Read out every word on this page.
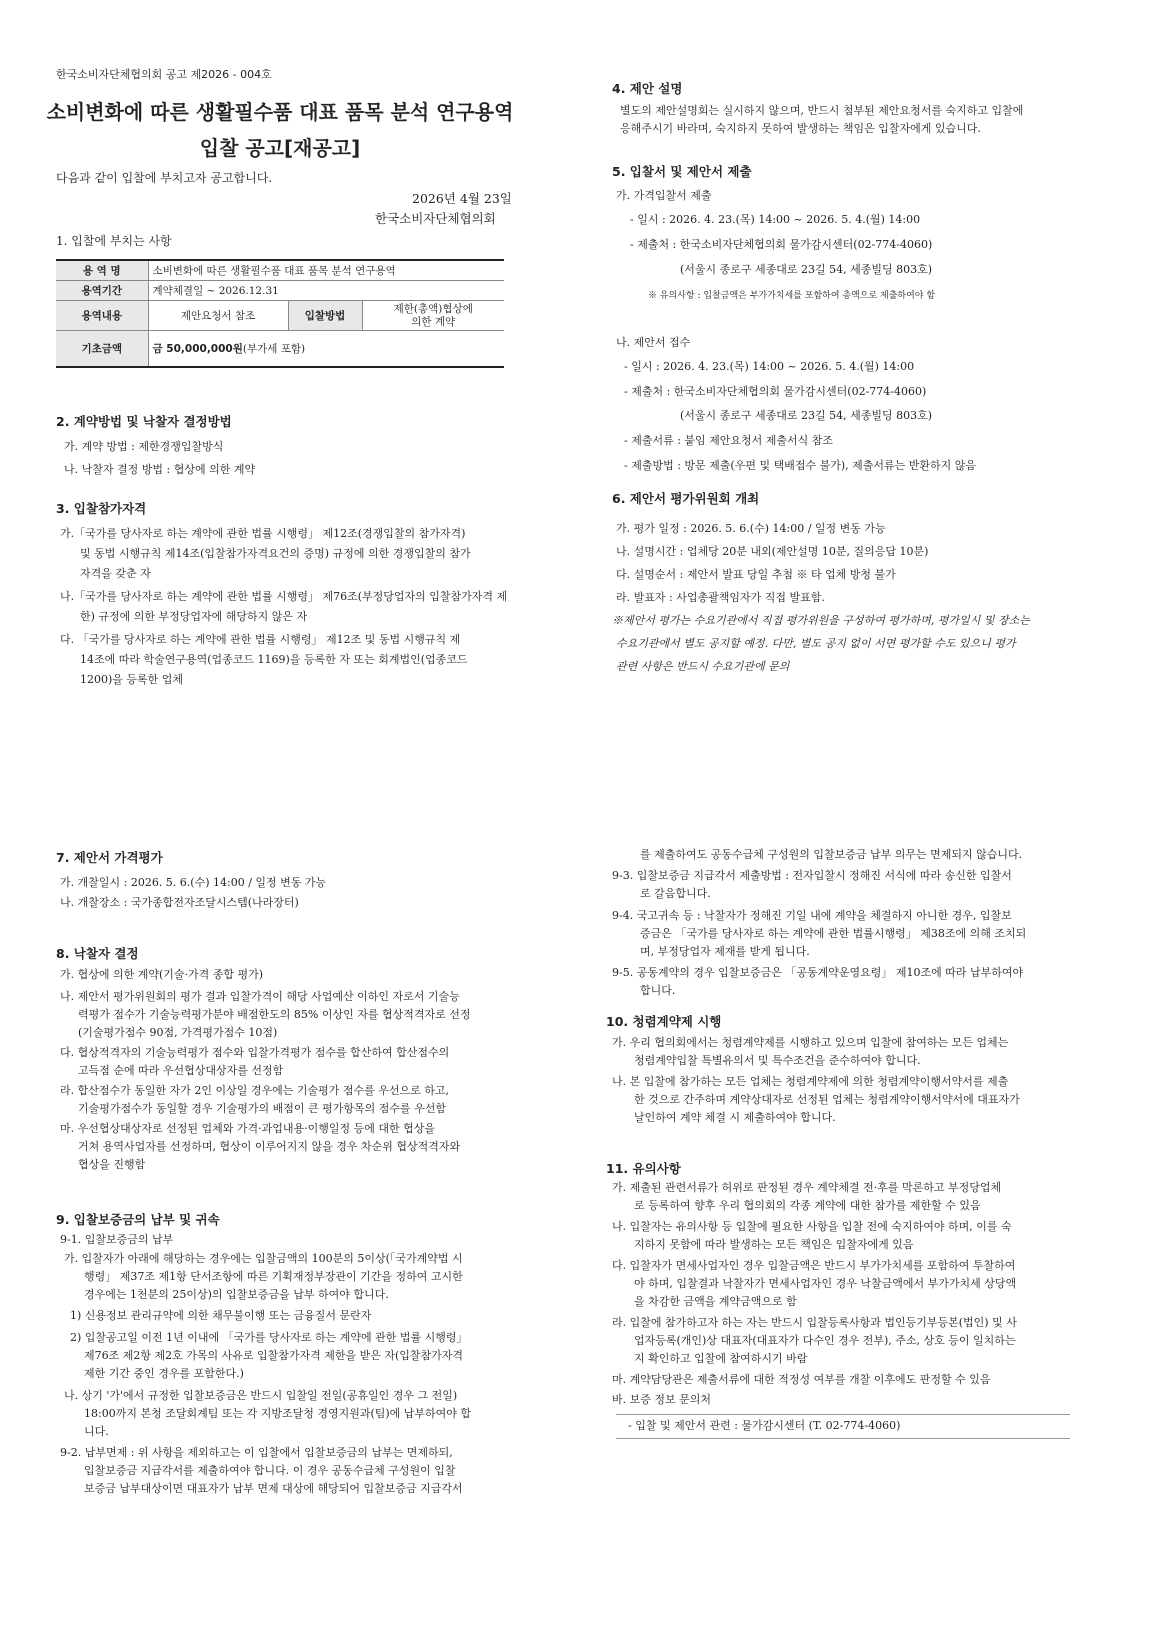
한국소비자단체협의회 공고 제2026 - 004호
소비변화에 따른 생활필수품 대표 품목 분석 연구용역
입찰 공고[재공고]
다음과 같이 입찰에 부치고자 공고합니다.
2026년 4월 23일
한국소비자단체협의회
1. 입찰에 부치는 사항
용 역 명	소비변화에 따른 생활필수품 대표 품목 분석 연구용역		
용역기간	계약체결일 ~ 2026.12.31		
용역내용	제안요청서 참조	입찰방법	제한(총액)협상에
의한 계약
기초금액	금 50,000,000원(부가세 포함)		
2. 계약방법 및 낙찰자 결정방법
가. 계약 방법 : 제한경쟁입찰방식
나. 낙찰자 결정 방법 : 협상에 의한 계약
3. 입찰참가자격
가.「국가를 당사자로 하는 계약에 관한 법률 시행령」 제12조(경쟁입찰의 참가자격)
및 동법 시행규칙 제14조(입찰참가자격요건의 증명) 규정에 의한 경쟁입찰의 참가
자격을 갖춘 자
나.「국가를 당사자로 하는 계약에 관한 법률 시행령」 제76조(부정당업자의 입찰참가자격 제
한) 규정에 의한 부정당업자에 해당하지 않은 자
다. 「국가를 당사자로 하는 계약에 관한 법률 시행령」 제12조 및 동법 시행규칙 제
14조에 따라 학술연구용역(업종코드 1169)을 등록한 자 또는 회계법인(업종코드
1200)을 등록한 업체
4. 제안 설명
별도의 제안설명회는 실시하지 않으며, 반드시 첨부된 제안요청서를 숙지하고 입찰에
응해주시기 바라며, 숙지하지 못하여 발생하는 책임은 입찰자에게 있습니다.
5. 입찰서 및 제안서 제출
가. 가격입찰서 제출
- 일시 : 2026. 4. 23.(목) 14:00 ~ 2026. 5. 4.(월) 14:00
- 제출처 : 한국소비자단체협의회 물가감시센터(02-774-4060)
(서울시 종로구 세종대로 23길 54, 세종빌딩 803호)
※ 유의사항 : 입찰금액은 부가가치세를 포함하여 총액으로 제출하여야 함
나. 제안서 접수
- 일시 : 2026. 4. 23.(목) 14:00 ~ 2026. 5. 4.(월) 14:00
- 제출처 : 한국소비자단체협의회 물가감시센터(02-774-4060)
(서울시 종로구 세종대로 23길 54, 세종빌딩 803호)
- 제출서류 : 붙임 제안요청서 제출서식 참조
- 제출방법 : 방문 제출(우편 및 택배접수 불가), 제출서류는 반환하지 않음
6. 제안서 평가위원회 개최
가. 평가 일정 : 2026. 5. 6.(수) 14:00 / 일정 변동 가능
나. 설명시간 : 업체당 20분 내외(제안설명 10분, 질의응답 10분)
다. 설명순서 : 제안서 발표 당일 추첨 ※ 타 업체 방청 불가
라. 발표자 : 사업총괄책임자가 직접 발표함.
※제안서 평가는 수요기관에서 직접 평가위원을 구성하여 평가하며, 평가일시 및 장소는
수요기관에서 별도 공지할 예정. 다만, 별도 공지 없이 서면 평가할 수도 있으니 평가
관련 사항은 반드시 수요기관에 문의
7. 제안서 가격평가
가. 개찰일시 : 2026. 5. 6.(수) 14:00 / 일정 변동 가능
나. 개찰장소 : 국가종합전자조달시스템(나라장터)
8. 낙찰자 결정
가. 협상에 의한 계약(기술·가격 종합 평가)
나. 제안서 평가위원회의 평가 결과 입찰가격이 해당 사업예산 이하인 자로서 기술능
력평가 점수가 기술능력평가분야 배점한도의 85% 이상인 자를 협상적격자로 선정
(기술평가점수 90점, 가격평가점수 10점)
다. 협상적격자의 기술능력평가 점수와 입찰가격평가 점수를 합산하여 합산점수의
고득점 순에 따라 우선협상대상자를 선정함
라. 합산점수가 동일한 자가 2인 이상일 경우에는 기술평가 점수를 우선으로 하고,
기술평가점수가 동일할 경우 기술평가의 배점이 큰 평가항목의 점수를 우선함
마. 우선협상대상자로 선정된 업체와 가격·과업내용·이행일정 등에 대한 협상을
거쳐 용역사업자를 선정하며, 협상이 이루어지지 않을 경우 차순위 협상적격자와
협상을 진행함
9. 입찰보증금의 납부 및 귀속
9-1. 입찰보증금의 납부
가. 입찰자가 아래에 해당하는 경우에는 입찰금액의 100분의 5이상(「국가계약법 시
행령」 제37조 제1항 단서조항에 따른 기획재정부장관이 기간을 정하여 고시한
경우에는 1천분의 25이상)의 입찰보증금을 납부 하여야 합니다.
1) 신용정보 관리규약에 의한 채무불이행 또는 금융질서 문란자
2) 입찰공고일 이전 1년 이내에 「국가를 당사자로 하는 계약에 관한 법률 시행령」
제76조 제2항 제2호 가목의 사유로 입찰참가자격 제한을 받은 자(입찰참가자격
제한 기간 중인 경우를 포함한다.)
나. 상기 '가'에서 규정한 입찰보증금은 반드시 입찰일 전일(공휴일인 경우 그 전일)
18:00까지 본청 조달회계팀 또는 각 지방조달청 경영지원과(팀)에 납부하여야 합
니다.
9-2. 납부면제 : 위 사항을 제외하고는 이 입찰에서 입찰보증금의 납부는 면제하되,
입찰보증금 지급각서를 제출하여야 합니다. 이 경우 공동수급체 구성원이 입찰
보증금 납부대상이면 대표자가 납부 면제 대상에 해당되어 입찰보증금 지급각서
를 제출하여도 공동수급체 구성원의 입찰보증금 납부 의무는 면제되지 않습니다.
9-3. 입찰보증금 지급각서 제출방법 : 전자입찰시 정해진 서식에 따라 송신한 입찰서
로 갈음합니다.
9-4. 국고귀속 등 : 낙찰자가 정해진 기일 내에 계약을 체결하지 아니한 경우, 입찰보
증금은 「국가를 당사자로 하는 계약에 관한 법률시행령」 제38조에 의해 조치되
며, 부정당업자 제재를 받게 됩니다.
9-5. 공동계약의 경우 입찰보증금은 「공동계약운영요령」 제10조에 따라 납부하여야
합니다.
10. 청렴계약제 시행
가. 우리 협의회에서는 청렴계약제를 시행하고 있으며 입찰에 참여하는 모든 업체는
청렴계약입찰 특별유의서 및 특수조건을 준수하여야 합니다.
나. 본 입찰에 참가하는 모든 업체는 청렴계약제에 의한 청렴계약이행서약서를 제출
한 것으로 간주하며 계약상대자로 선정된 업체는 청렴계약이행서약서에 대표자가
날인하여 계약 체결 시 제출하여야 합니다.
11. 유의사항
가. 제출된 관련서류가 허위로 판정된 경우 계약체결 전·후를 막론하고 부정당업체
로 등록하여 향후 우리 협의회의 각종 계약에 대한 참가를 제한할 수 있음
나. 입찰자는 유의사항 등 입찰에 필요한 사항을 입찰 전에 숙지하여야 하며, 이를 숙
지하지 못함에 따라 발생하는 모든 책임은 입찰자에게 있음
다. 입찰자가 면세사업자인 경우 입찰금액은 반드시 부가가치세를 포함하여 투찰하여
야 하며, 입찰결과 낙찰자가 면세사업자인 경우 낙찰금액에서 부가가치세 상당액
을 차감한 금액을 계약금액으로 함
라. 입찰에 참가하고자 하는 자는 반드시 입찰등록사항과 법인등기부등본(법인) 및 사
업자등록(개인)상 대표자(대표자가 다수인 경우 전부), 주소, 상호 등이 일치하는
지 확인하고 입찰에 참여하시기 바람
마. 계약담당관은 제출서류에 대한 적정성 여부를 개찰 이후에도 판정할 수 있음
바. 보증 정보 문의처
- 입찰 및 제안서 관련 : 물가감시센터 (T. 02-774-4060)
